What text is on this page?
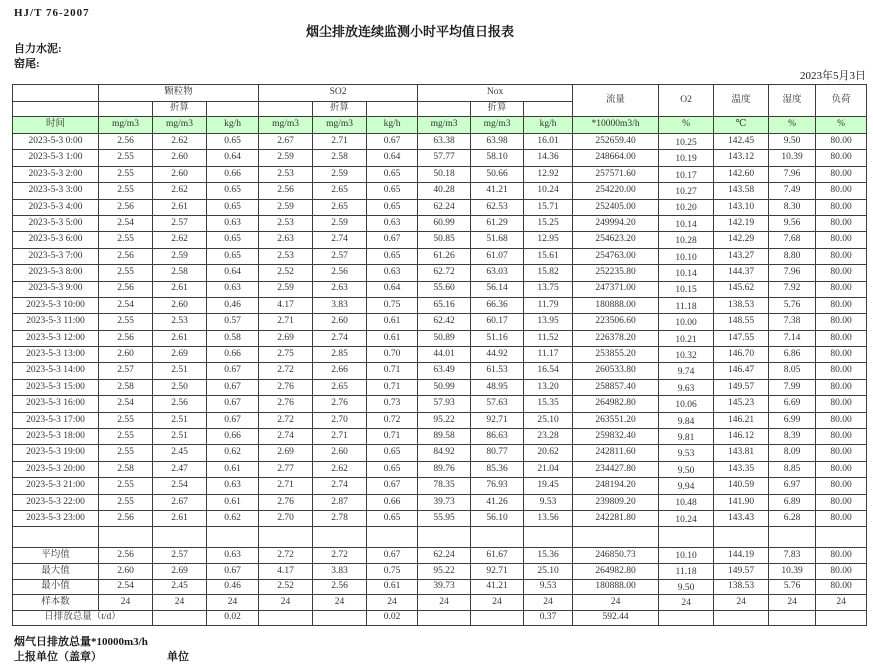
HJ/T 76-2007
烟尘排放连续监测小时平均值日报表
自力水泥:
窑尾:
2023年5月3日
	颗粒物			SO2			Nox			流量	O2	温度	湿度	负荷
		折算			折算			折算						
时间	mg/m3	mg/m3	kg/h	mg/m3	mg/m3	kg/h	mg/m3	mg/m3	kg/h	*10000m3/h	%	℃	%	%
2023-5-3 0:00	2.56	2.62	0.65	2.67	2.71	0.67	63.38	63.98	16.01	252659.40	10.25	142.45	9.50	80.00
2023-5-3 1:00	2.55	2.60	0.64	2.59	2.58	0.64	57.77	58.10	14.36	248664.00	10.19	143.12	10.39	80.00
2023-5-3 2:00	2.55	2.60	0.66	2.53	2.59	0.65	50.18	50.66	12.92	257571.60	10.17	142.60	7.96	80.00
2023-5-3 3:00	2.55	2.62	0.65	2.56	2.65	0.65	40.28	41.21	10.24	254220.00	10.27	143.58	7.49	80.00
2023-5-3 4:00	2.56	2.61	0.65	2.59	2.65	0.65	62.24	62.53	15.71	252405.00	10.20	143.10	8.30	80.00
2023-5-3 5:00	2.54	2.57	0.63	2.53	2.59	0.63	60.99	61.29	15.25	249994.20	10.14	142.19	9.56	80.00
2023-5-3 6:00	2.55	2.62	0.65	2.63	2.74	0.67	50.85	51.68	12.95	254623.20	10.28	142.29	7.68	80.00
2023-5-3 7:00	2.56	2.59	0.65	2.53	2.57	0.65	61.26	61.07	15.61	254763.00	10.10	143.27	8.80	80.00
2023-5-3 8:00	2.55	2.58	0.64	2.52	2.56	0.63	62.72	63.03	15.82	252235.80	10.14	144.37	7.96	80.00
2023-5-3 9:00	2.56	2.61	0.63	2.59	2.63	0.64	55.60	56.14	13.75	247371.00	10.15	145.62	7.92	80.00
2023-5-3 10:00	2.54	2.60	0.46	4.17	3.83	0.75	65.16	66.36	11.79	180888.00	11.18	138.53	5.76	80.00
2023-5-3 11:00	2.55	2.53	0.57	2.71	2.60	0.61	62.42	60.17	13.95	223506.60	10.00	148.55	7.38	80.00
2023-5-3 12:00	2.56	2.61	0.58	2.69	2.74	0.61	50.89	51.16	11.52	226378.20	10.21	147.55	7.14	80.00
2023-5-3 13:00	2.60	2.69	0.66	2.75	2.85	0.70	44.01	44.92	11.17	253855.20	10.32	146.70	6.86	80.00
2023-5-3 14:00	2.57	2.51	0.67	2.72	2.66	0.71	63.49	61.53	16.54	260533.80	9.74	146.47	8.05	80.00
2023-5-3 15:00	2.58	2.50	0.67	2.76	2.65	0.71	50.99	48.95	13.20	258857.40	9.63	149.57	7.99	80.00
2023-5-3 16:00	2.54	2.56	0.67	2.76	2.76	0.73	57.93	57.63	15.35	264982.80	10.06	145.23	6.69	80.00
2023-5-3 17:00	2.55	2.51	0.67	2.72	2.70	0.72	95.22	92.71	25.10	263551.20	9.84	146.21	6.99	80.00
2023-5-3 18:00	2.55	2.51	0.66	2.74	2.71	0.71	89.58	86.63	23.28	259832.40	9.81	146.12	8.39	80.00
2023-5-3 19:00	2.55	2.45	0.62	2.69	2.60	0.65	84.92	80.77	20.62	242811.60	9.53	143.81	8.09	80.00
2023-5-3 20:00	2.58	2.47	0.61	2.77	2.62	0.65	89.76	85.36	21.04	234427.80	9.50	143.35	8.85	80.00
2023-5-3 21:00	2.55	2.54	0.63	2.71	2.74	0.67	78.35	76.93	19.45	248194.20	9.94	140.59	6.97	80.00
2023-5-3 22:00	2.55	2.67	0.61	2.76	2.87	0.66	39.73	41.26	9.53	239809.20	10.48	141.90	6.89	80.00
2023-5-3 23:00	2.56	2.61	0.62	2.70	2.78	0.65	55.95	56.10	13.56	242281.80	10.24	143.43	6.28	80.00

平均值	2.56	2.57	0.63	2.72	2.72	0.67	62.24	61.67	15.36	246850.73	10.10	144.19	7.83	80.00
最大值	2.60	2.69	0.67	4.17	3.83	0.75	95.22	92.71	25.10	264982.80	11.18	149.57	10.39	80.00
最小值	2.54	2.45	0.46	2.52	2.56	0.61	39.73	41.21	9.53	180888.00	9.50	138.53	5.76	80.00
样本数	24	24	24	24	24	24	24	24	24	24	24	24	24	24
日排放总量（t/d）			0.02			0.02			0.37	592.44				
烟气日排放总量*10000m3/h
上报单位（盖章）	单位
